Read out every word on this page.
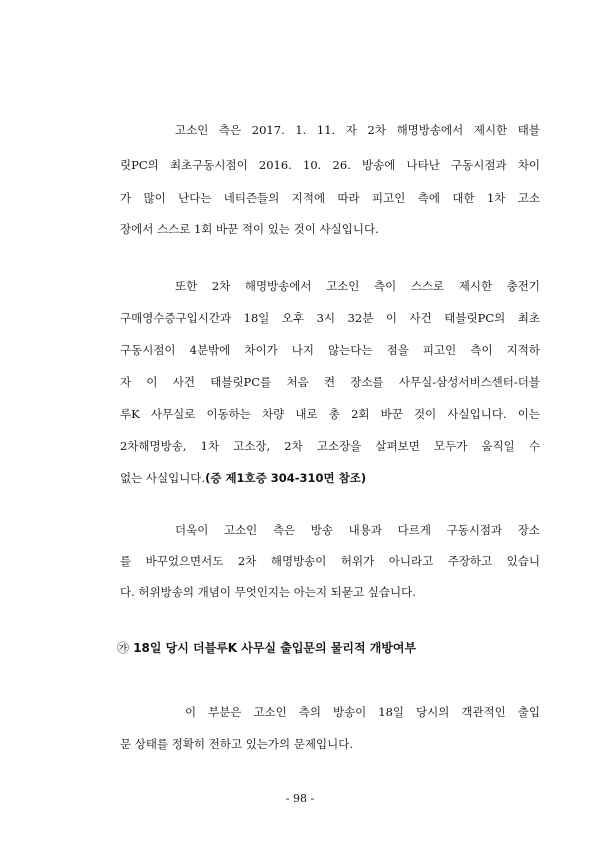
고소인 측은 2017. 1. 11. 자 2차 해명방송에서 제시한 태블
릿PC의 최초구동시점이 2016. 10. 26. 방송에 나타난 구동시점과 차이
가 많이 난다는 네티즌들의 지적에 따라 피고인 측에 대한 1차 고소
장에서 스스로 1회 바꾼 적이 있는 것이 사실입니다.
또한 2차 해명방송에서 고소인 측이 스스로 제시한 충전기
구매영수증구입시간과 18일 오후 3시 32분 이 사건 태블릿PC의 최초
구동시점이 4분밖에 차이가 나지 않는다는 점을 피고인 측이 지적하
자 이 사건 태블릿PC를 처음 켠 장소를 사무실-삼성서비스센터-더블
루K 사무실로 이동하는 차량 내로 총 2회 바꾼 것이 사실입니다. 이는
2차해명방송, 1차 고소장, 2차 고소장을 살펴보면 모두가 움직일 수
없는 사실입니다.(증 제1호증 304-310면 참조)
더욱이 고소인 측은 방송 내용과 다르게 구동시점과 장소
를 바꾸었으면서도 2차 해명방송이 허위가 아니라고 주장하고 있습니
다. 허위방송의 개념이 무엇인지는 아는지 되묻고 싶습니다.
㉮ 18일 당시 더블루K 사무실 출입문의 물리적 개방여부
이 부분은 고소인 측의 방송이 18일 당시의 객관적인 출입
문 상태를 정확히 전하고 있는가의 문제입니다.
- 98 -
